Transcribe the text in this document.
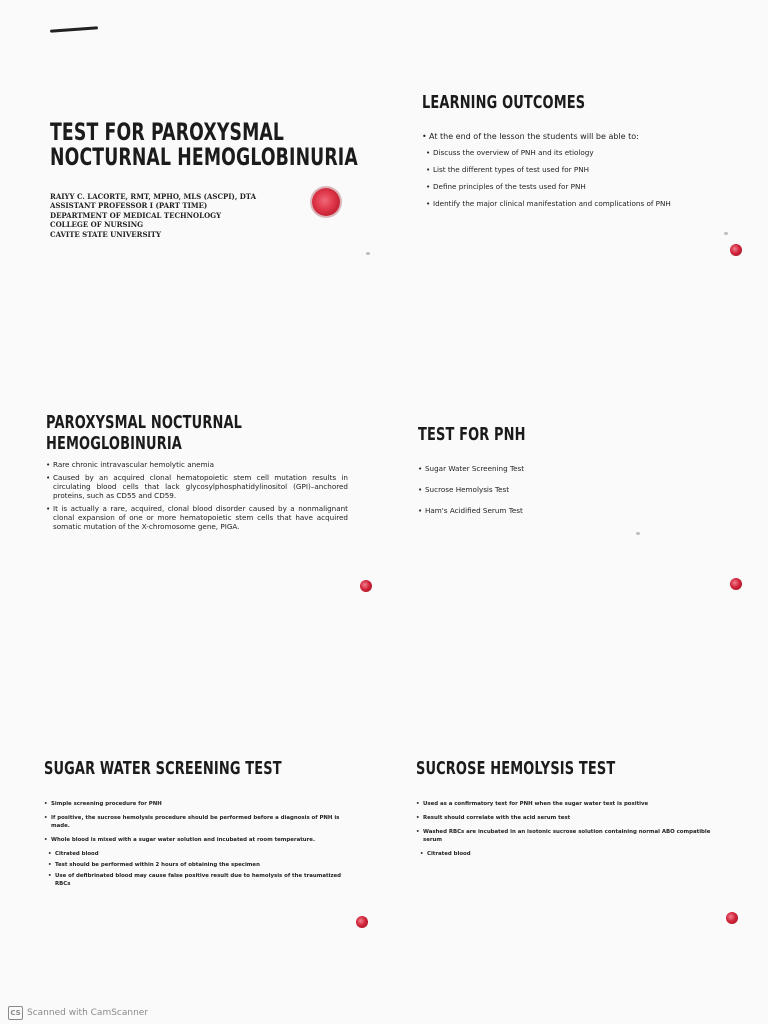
TEST FOR PAROXYSMAL
NOCTURNAL HEMOGLOBINURIA
RAIYY C. LACORTE, RMT, MPHO, MLS (ASCPI), DTA
ASSISTANT PROFESSOR I (PART TIME)
DEPARTMENT OF MEDICAL TECHNOLOGY
COLLEGE OF NURSING
CAVITE STATE UNIVERSITY
LEARNING OUTCOMES
• At the end of the lesson the students will be able to:
• Discuss the overview of PNH and its etiology
• List the different types of test used for PNH
• Define principles of the tests used for PNH
• Identify the major clinical manifestation and complications of PNH
PAROXYSMAL NOCTURNAL
HEMOGLOBINURIA
• Rare chronic intravascular hemolytic anemia
• Caused by an acquired clonal hematopoietic stem cell mutation results in circulating blood cells that lack glycosylphosphatidylinositol (GPI)–anchored proteins, such as CD55 and CD59.
• It is actually a rare, acquired, clonal blood disorder caused by a nonmalignant clonal expansion of one or more hematopoietic stem cells that have acquired somatic mutation of the X-chromosome gene, PIGA.
TEST FOR PNH
• Sugar Water Screening Test
• Sucrose Hemolysis Test
• Ham's Acidified Serum Test
SUGAR WATER SCREENING TEST
• Simple screening procedure for PNH
• If positive, the sucrose hemolysis procedure should be performed before a diagnosis of PNH is made.
• Whole blood is mixed with a sugar water solution and incubated at room temperature.
• Citrated blood
• Test should be performed within 2 hours of obtaining the specimen
• Use of defibrinated blood may cause false positive result due to hemolysis of the traumatized RBCs
SUCROSE HEMOLYSIS TEST
• Used as a confirmatory test for PNH when the sugar water test is positive
• Result should correlate with the acid serum test
• Washed RBCs are incubated in an isotonic sucrose solution containing normal ABO compatible serum
• Citrated blood
CS Scanned with CamScanner
